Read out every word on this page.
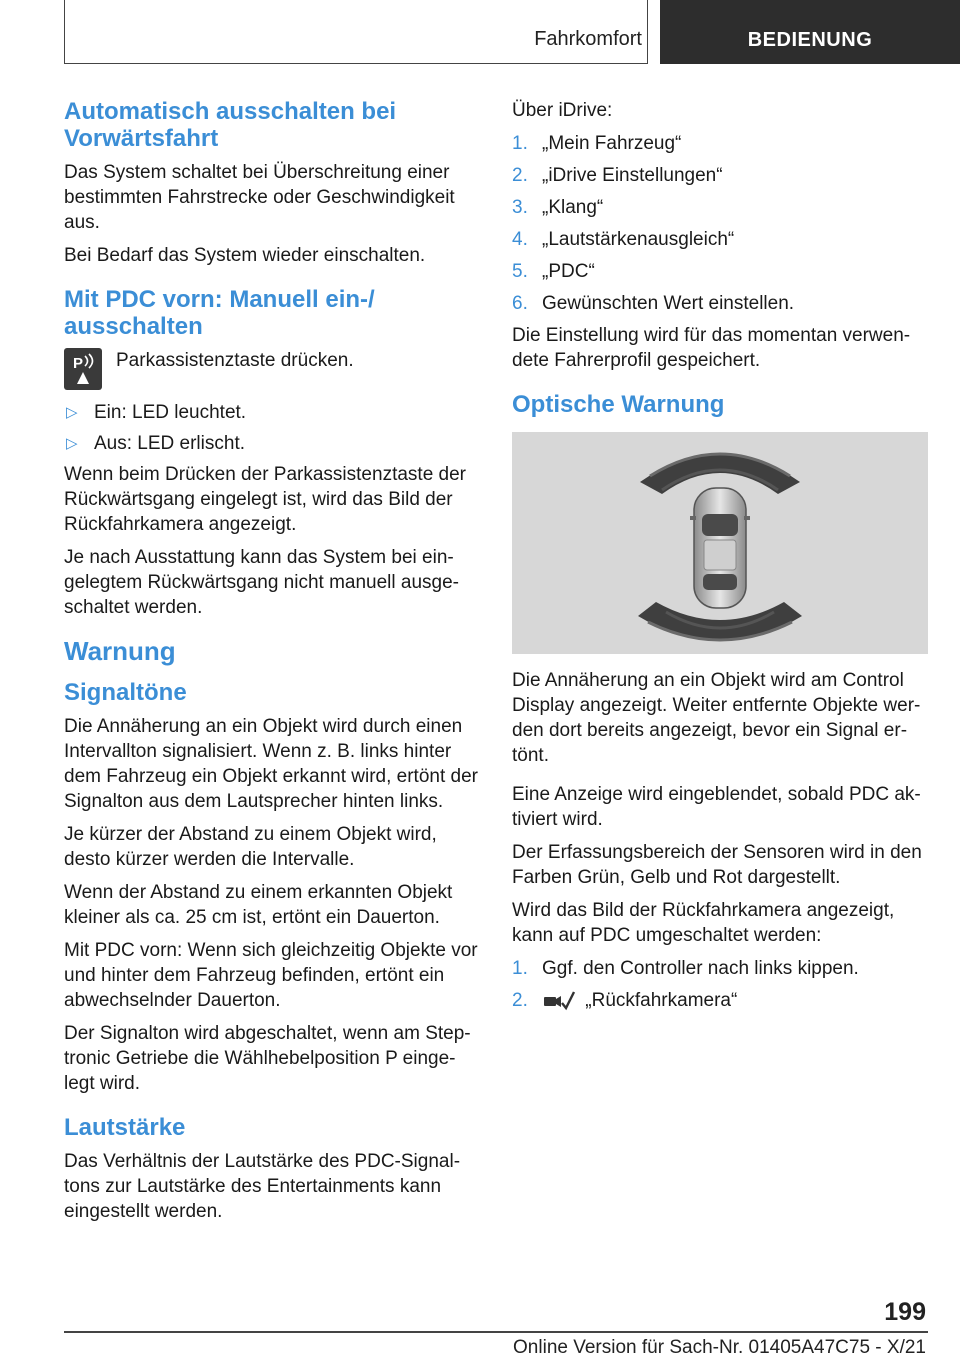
Fahrkomfort	BEDIENUNG
Automatisch ausschalten bei Vorwärtsfahrt

Das System schaltet bei Überschreitung einer bestimmten Fahrstrecke oder Geschwindigkeit aus.

Bei Bedarf das System wieder einschalten.

Mit PDC vorn: Manuell ein-/ ausschalten
P Parkassistenztaste drücken.
▷ Ein: LED leuchtet.
▷ Aus: LED erlischt.

Wenn beim Drücken der Parkassistenztaste der Rückwärtsgang eingelegt ist, wird das Bild der Rückfahrkamera angezeigt.

Je nach Ausstattung kann das System bei ein- gelegtem Rückwärtsgang nicht manuell ausge- schaltet werden.

Warnung
Signaltöne

Die Annäherung an ein Objekt wird durch einen Intervallton signalisiert. Wenn z. B. links hinter dem Fahrzeug ein Objekt erkannt wird, ertönt der Signalton aus dem Lautsprecher hinten links.

Je kürzer der Abstand zu einem Objekt wird, desto kürzer werden die Intervalle.

Wenn der Abstand zu einem erkannten Objekt kleiner als ca. 25 cm ist, ertönt ein Dauerton.

Mit PDC vorn: Wenn sich gleichzeitig Objekte vor und hinter dem Fahrzeug befinden, ertönt ein abwechselnder Dauerton.

Der Signalton wird abgeschaltet, wenn am Step- tronic Getriebe die Wählhebelposition P einge- legt wird.

Lautstärke

Das Verhältnis der Lautstärke des PDC-Signal- tons zur Lautstärke des Entertainments kann eingestellt werden.

Über iDrive:

1. „Mein Fahrzeug“
2. „iDrive Einstellungen“
3. „Klang“
4. „Lautstärkenausgleich“
5. „PDC“
6. Gewünschten Wert einstellen.

Die Einstellung wird für das momentan verwen- dete Fahrerprofil gespeichert.

Optische Warnung

Die Annäherung an ein Objekt wird am Control Display angezeigt. Weiter entfernte Objekte wer- den dort bereits angezeigt, bevor ein Signal er- tönt.

Eine Anzeige wird eingeblendet, sobald PDC ak- tiviert wird.

Der Erfassungsbereich der Sensoren wird in den Farben Grün, Gelb und Rot dargestellt.

Wird das Bild der Rückfahrkamera angezeigt, kann auf PDC umgeschaltet werden:

1. Ggf. den Controller nach links kippen.
2.	„Rückfahrkamera“
199
Online Version für Sach-Nr. 01405A47C75 - X/21
